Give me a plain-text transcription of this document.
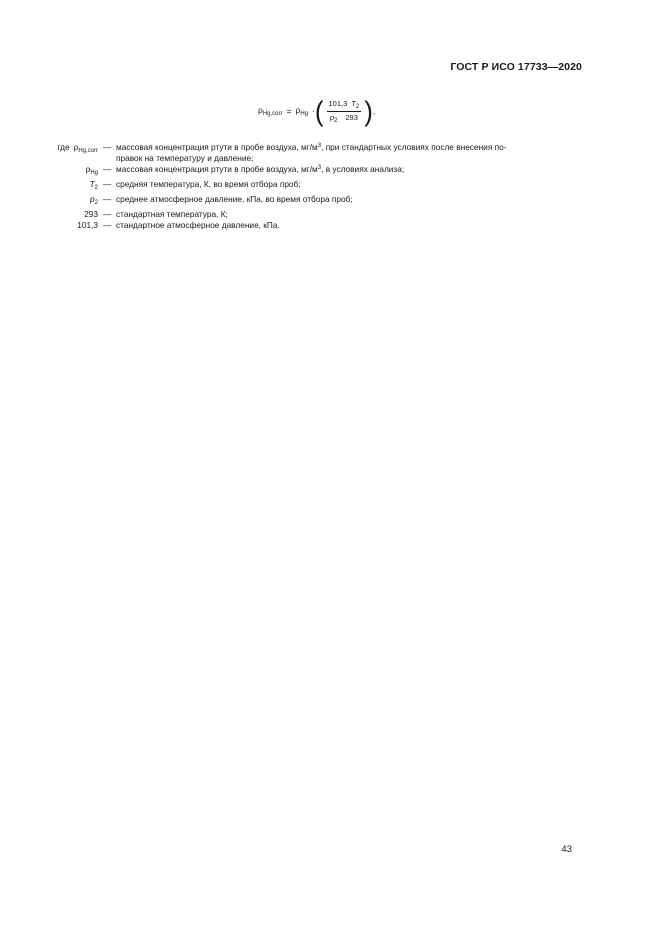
ГОСТ Р ИСО 17733—2020
$\rho_{Hg,corr} = \rho_{Hg}$ · ( $\frac{101,3 T_2}{p_2 293}$ ) ,
где $\rho_{Hg,corr}$ — массовая концентрация ртути в пробе воздуха, $мг/м^3$, при стандартных условиях после внесения по-
правок на температуру и давление;
$\rho_{Hg}$ — массовая концентрация ртути в пробе воздуха, $мг/м^3$, в условиях анализа;
$T_2$ — средняя температура, К, во время отбора проб;
$p_2$ — среднее атмосферное давление, кПа, во время отбора проб;
293 — стандартная температура, К;
101,3 — стандартное атмосферное давление, кПа.
43
